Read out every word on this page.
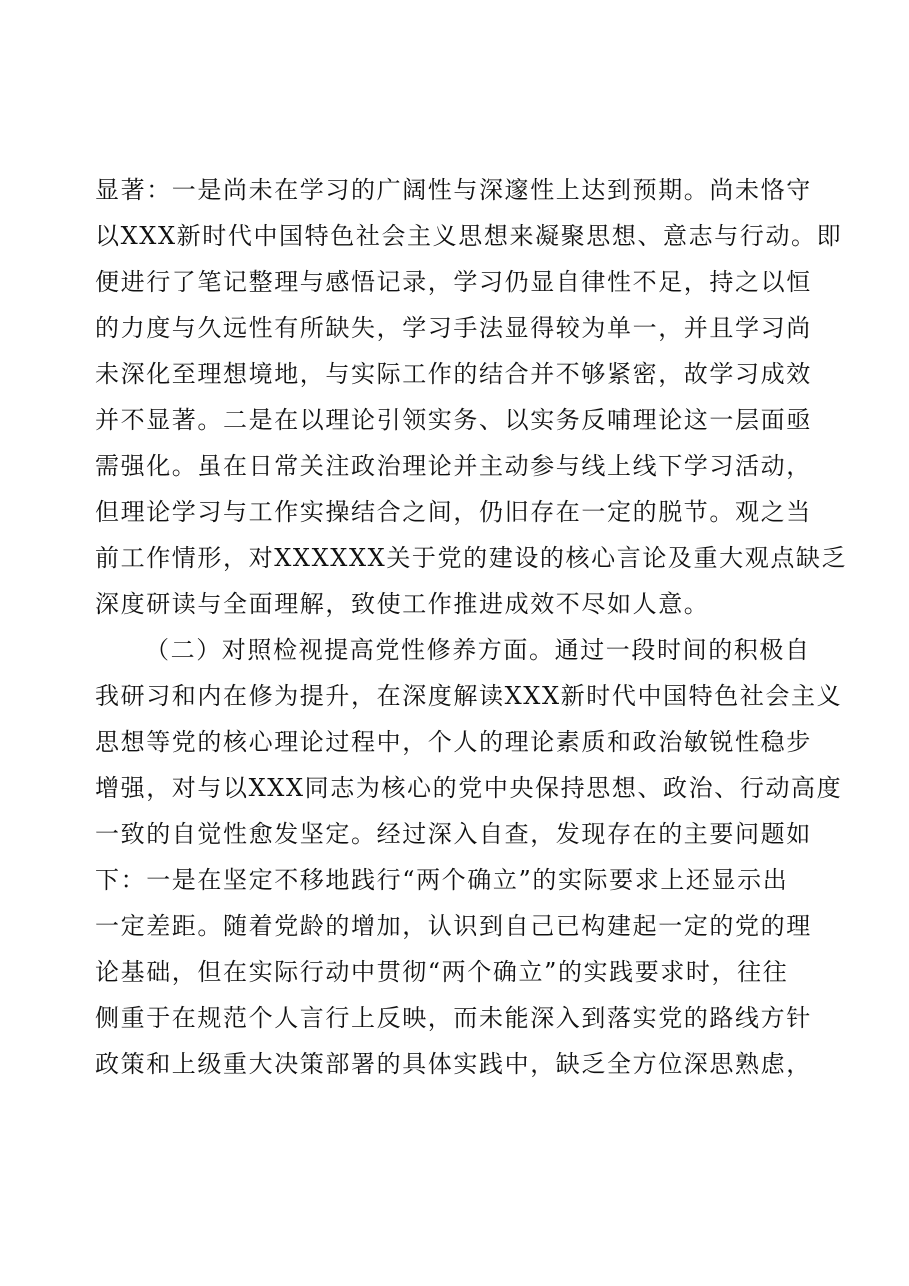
显著：一是尚未在学习的广阔性与深邃性上达到预期。尚未恪守
以XXX新时代中国特色社会主义思想来凝聚思想、意志与行动。即
便进行了笔记整理与感悟记录，学习仍显自律性不足，持之以恒
的力度与久远性有所缺失，学习手法显得较为单一，并且学习尚
未深化至理想境地，与实际工作的结合并不够紧密，故学习成效
并不显著。二是在以理论引领实务、以实务反哺理论这一层面亟
需强化。虽在日常关注政治理论并主动参与线上线下学习活动，
但理论学习与工作实操结合之间，仍旧存在一定的脱节。观之当
前工作情形，对XXXXXX关于党的建设的核心言论及重大观点缺乏
深度研读与全面理解，致使工作推进成效不尽如人意。
（二）对照检视提高党性修养方面。通过一段时间的积极自
我研习和内在修为提升，在深度解读XXX新时代中国特色社会主义
思想等党的核心理论过程中，个人的理论素质和政治敏锐性稳步
增强，对与以XXX同志为核心的党中央保持思想、政治、行动高度
一致的自觉性愈发坚定。经过深入自查，发现存在的主要问题如
下：一是在坚定不移地践行“两个确立”的实际要求上还显示出
一定差距。随着党龄的增加，认识到自己已构建起一定的党的理
论基础，但在实际行动中贯彻“两个确立”的实践要求时，往往
侧重于在规范个人言行上反映，而未能深入到落实党的路线方针
政策和上级重大决策部署的具体实践中，缺乏全方位深思熟虑，
